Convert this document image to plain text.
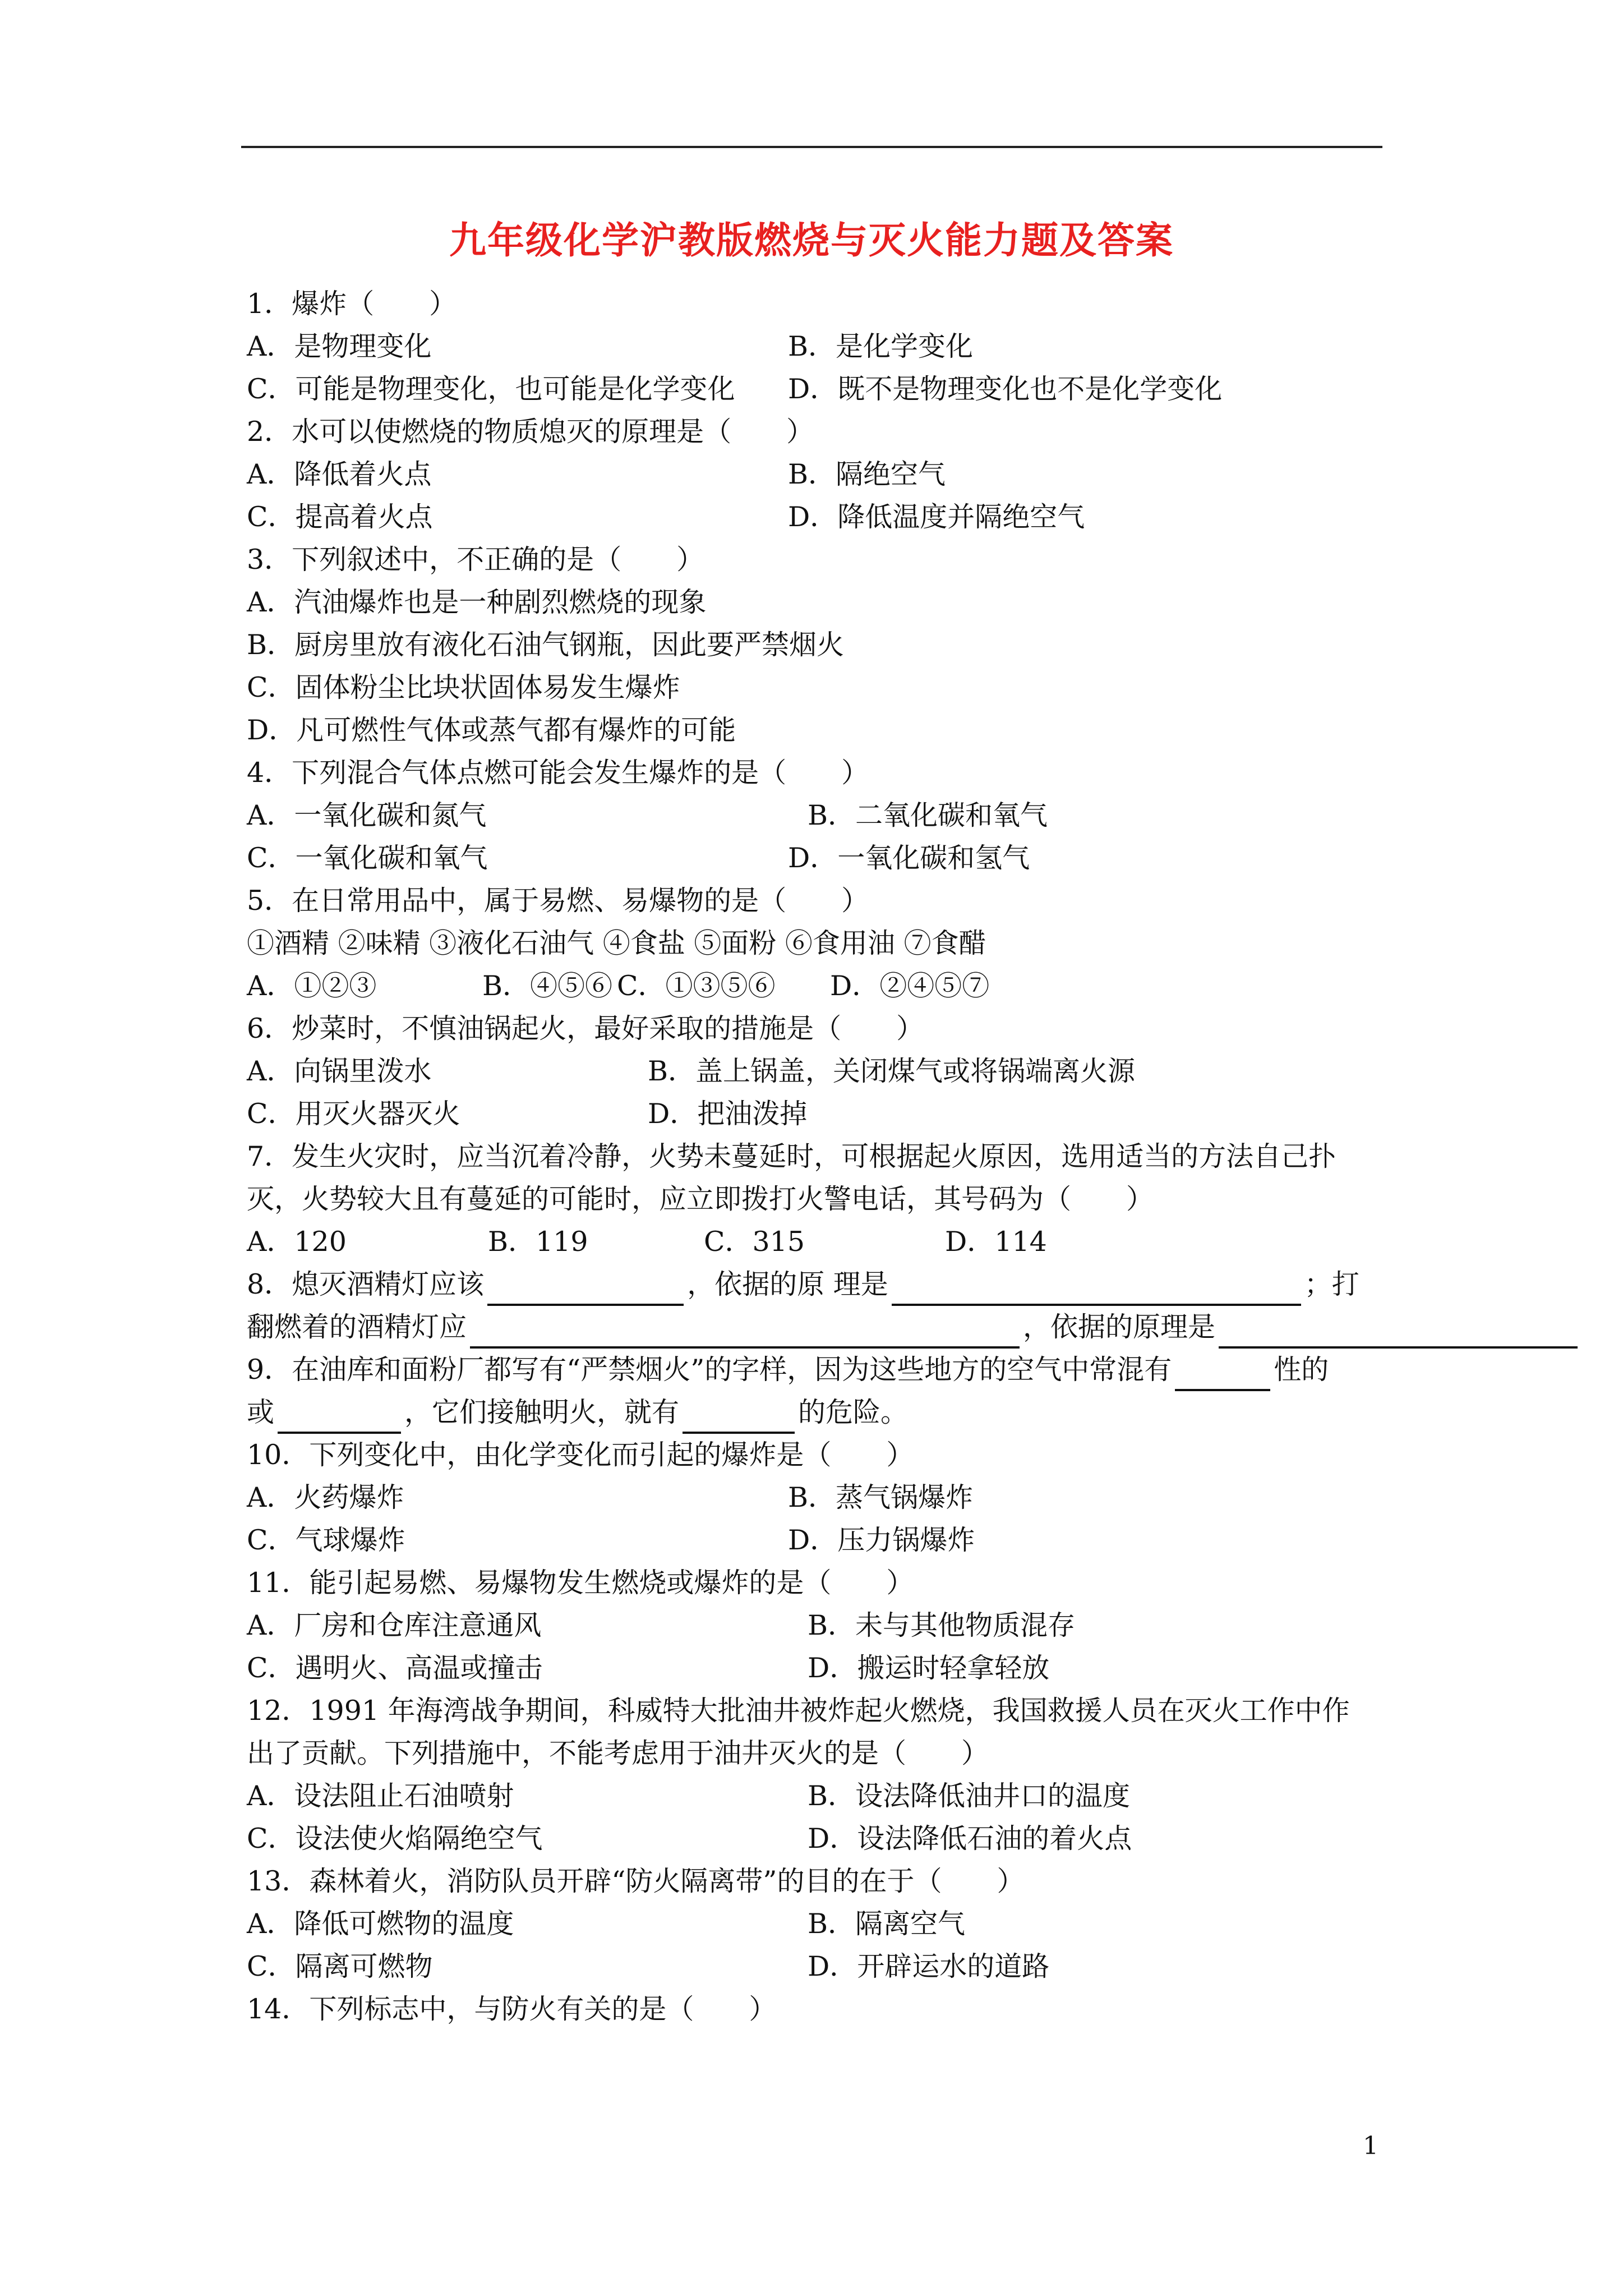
九年级化学沪教版燃烧与灭火能力题及答案
1．爆炸（　　）
A．是物理变化	B．是化学变化
C．可能是物理变化，也可能是化学变化 D．既不是物理变化也不是化学变化
2．水可以使燃烧的物质熄灭的原理是（　　）
A．降低着火点	B．隔绝空气
C．提高着火点	D．降低温度并隔绝空气
3．下列叙述中，不正确的是（　　）
A．汽油爆炸也是一种剧烈燃烧的现象
B．厨房里放有液化石油气钢瓶，因此要严禁烟火
C．固体粉尘比块状固体易发生爆炸
D．凡可燃性气体或蒸气都有爆炸的可能
4．下列混合气体点燃可能会发生爆炸的是（　　）
A．一氧化碳和氮气	B．二氧化碳和氧气
C．一氧化碳和氧气	D．一氧化碳和氢气
5．在日常用品中，属于易燃、易爆物的是（　　）
①酒精 ②味精 ③液化石油气 ④食盐 ⑤面粉 ⑥食用油 ⑦食醋
A．①②③	B．④⑤⑥ C．①③⑤⑥ D．②④⑤⑦
6．炒菜时，不慎油锅起火，最好采取的措施是（　　）
A．向锅里泼水	B．盖上锅盖，关闭煤气或将锅端离火源
C．用灭火器灭火	D．把油泼掉
7．发生火灾时，应当沉着冷静，火势未蔓延时，可根据起火原因，选用适当的方法自己扑
灭，火势较大且有蔓延的可能时，应立即拨打火警电话，其号码为（　　）
A．120	B．119	C．315	D．114
8．熄灭酒精灯应该	，依据的原 理是	；打
翻燃着的酒精灯应	，依据的原理是
9．在油库和面粉厂都写有“严禁烟火”的字样，因为这些地方的空气中常混有	性的
或	，它们接触明火，就有	的危险。
10．下列变化中，由化学变化而引起的爆炸是（　　）
A．火药爆炸	B．蒸气锅爆炸
C．气球爆炸	D．压力锅爆炸
11．能引起易燃、易爆物发生燃烧或爆炸的是（　　）
A．厂房和仓库注意通风	B．未与其他物质混存
C．遇明火、高温或撞击	D．搬运时轻拿轻放
12．1991 年海湾战争期间，科威特大批油井被炸起火燃烧，我国救援人员在灭火工作中作
出了贡献。下列措施中，不能考虑用于油井灭火的是（　　）
A．设法阻止石油喷射	B．设法降低油井口的温度
C．设法使火焰隔绝空气	D．设法降低石油的着火点
13．森林着火，消防队员开辟“防火隔离带”的目的在于（　　）
A．降低可燃物的温度	B．隔离空气
C．隔离可燃物	D．开辟运水的道路
14．下列标志中，与防火有关的是（　　）
1
